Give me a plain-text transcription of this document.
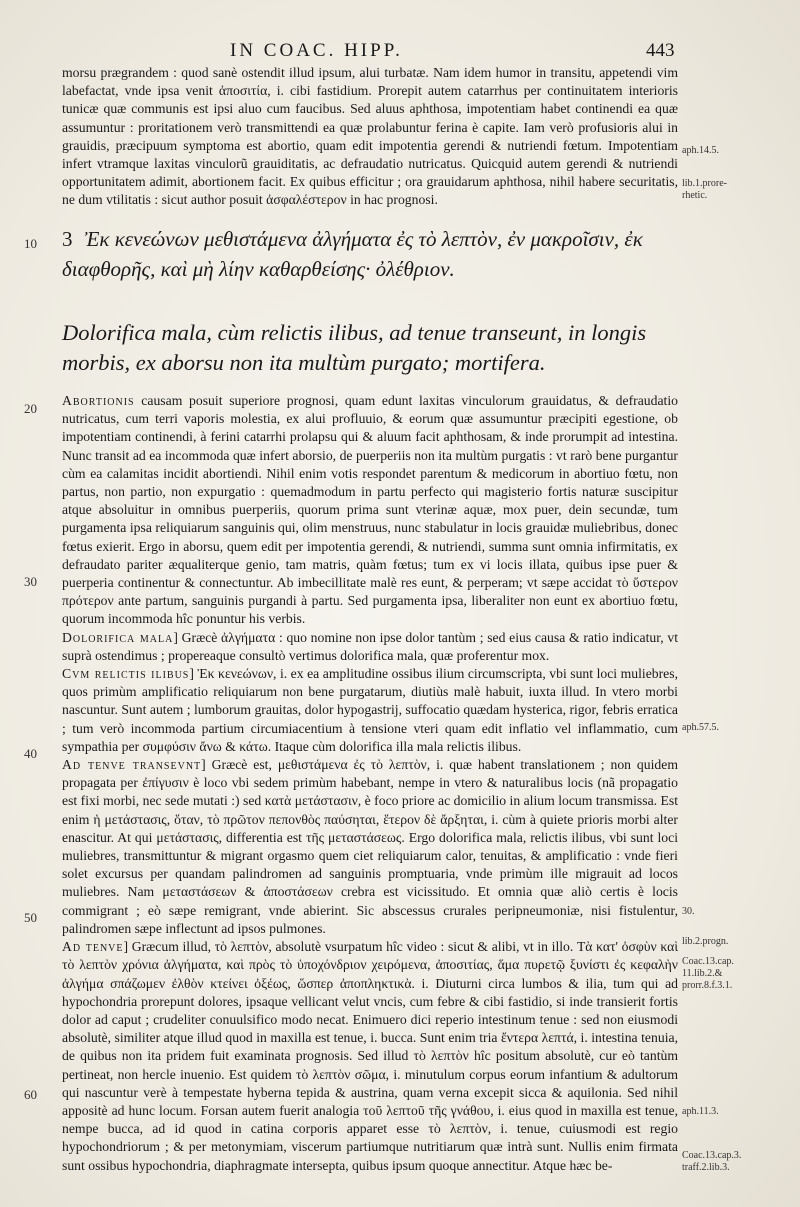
IN COAC. HIPP.	443

morsu prægrandem : quod sanè ostendit illud ipsum, alui turbatæ. Nam idem humor in transitu, appetendi vim labefactat, vnde ipsa venit ἀποσιτία, i. cibi fastidium. Prorepit autem catarrhus per continuitatem interioris tunicæ quæ communis est ipsi aluo cum faucibus. Sed aluus aphthosa, impotentiam habet continendi ea quæ assumuntur : proritationem verò transmittendi ea quæ prolabuntur ferina è capite. Iam verò profusioris alui in grauidis, præcipuum symptoma est abortio, quam edit impotentia gerendi & nutriendi fœtum. Impotentiam infert vtramque laxitas vinculorũ grauiditatis, ac defraudatio nutricatus. Quicquid autem gerendi & nutriendi opportunitatem adimit, abortionem facit. Ex quibus efficitur ; ora grauidarum aphthosa, nihil habere securitatis, ne dum vtilitatis : sicut author posuit ἀσφαλέστερον in hac prognosi.

10 3 Ἐκ κενεώνων μεθιστάμενα ἀλγήματα ἐς τὸ λεπτὸν, ἐν μακροῖσιν, ἐκ διαφθορῆς, καὶ μὴ λίην καθαρθείσης· ὀλέθριον.
Dolorifica mala, cùm relictis ilibus, ad tenue transeunt, in longis morbis, ex aborsu non ita multùm purgato; mortifera.
20
30
40
50
60

Abortionis causam posuit superiore prognosi, quam edunt laxitas vinculorum grauidatus, & defraudatio nutricatus, cum terri vaporis molestia, ex alui profluuio, & eorum quæ assumuntur præcipiti egestione, ob impotentiam continendi, à ferini catarrhi prolapsu qui & aluum facit aphthosam, & inde prorumpit ad intestina. Nunc transit ad ea incommoda quæ infert aborsio, de puerperiis non ita multùm purgatis : vt rarò bene purgantur cùm ea calamitas incidit abortiendi. Nihil enim votis respondet parentum & medicorum in abortiuo fœtu, non partus, non partio, non expurgatio : quemadmodum in partu perfecto qui magisterio fortis naturæ suscipitur atque absoluitur in omnibus puerperiis, quorum prima sunt vterinæ aquæ, mox puer, dein secundæ, tum purgamenta ipsa reliquiarum sanguinis qui, olim menstruus, nunc stabulatur in locis grauidæ muliebribus, donec fœtus exierit. Ergo in aborsu, quem edit per impotentia gerendi, & nutriendi, summa sunt omnia infirmitatis, ex defraudato pariter æqualiterque genio, tam matris, quàm fœtus; tum ex vi locis illata, quibus ipse puer & puerperia continentur & connectuntur. Ab imbecillitate malè res eunt, & perperam; vt sæpe accidat τὸ ὕστερον πρότερον ante partum, sanguinis purgandi à partu. Sed purgamenta ipsa, liberaliter non eunt ex abortiuo fœtu, quorum incommoda hîc ponuntur his verbis.

Dolorifica mala] Græcè ἀλγήματα : quo nomine non ipse dolor tantùm ; sed eius causa & ratio indicatur, vt suprà ostendimus ; propereaque consultò vertimus dolorifica mala, quæ proferentur mox.

Cvm relictis ilibus] Ἐκ κενεώνων, i. ex ea amplitudine ossibus ilium circumscripta, vbi sunt loci muliebres, quos primùm amplificatio reliquiarum non bene purgatarum, diutiùs malè habuit, iuxta illud. In vtero morbi nascuntur. Sunt autem ; lumborum grauitas, dolor hypogastrij, suffocatio quædam hysterica, rigor, febris erratica ; tum verò incommoda partium circumiacentium à tensione vteri quam edit inflatio vel inflammatio, cum sympathia per συμφύσιν ἄνω & κάτω. Itaque cùm dolorifica illa mala relictis ilibus.

Ad tenve transevnt] Græcè est, μεθιστάμενα ἐς τὸ λεπτὸν, i. quæ habent translationem ; non quidem propagata per ἐπίγυσιν è loco vbi sedem primùm habebant, nempe in vtero & naturalibus locis (nã propagatio est fixi morbi, nec sede mutati :) sed κατὰ μετάστασιν, è foco priore ac domicilio in alium locum transmissa. Est enim ἡ μετάστασις, ὅταν, τὸ πρῶτον πεπονθὸς παύσηται, ἕτερον δὲ ἄρξηται, i. cùm à quiete prioris morbi alter enascitur. At qui μετάστασις, differentia est τῆς μεταστάσεως. Ergo dolorifica mala, relictis ilibus, vbi sunt loci muliebres, transmittuntur & migrant orgasmo quem ciet reliquiarum calor, tenuitas, & amplificatio : vnde fieri solet excursus per quandam palindromen ad sanguinis promptuaria, vnde primùm ille migrauit ad locos muliebres. Nam μεταστάσεων & ἀποστάσεων crebra est vicissitudo. Et omnia quæ aliò certis è locis commigrant ; eò sæpe remigrant, vnde abierint. Sic abscessus crurales peripneumoniæ, nisi fistulentur, palindromen sæpe inflectunt ad ipsos pulmones.

Ad tenve] Græcum illud, τὸ λεπτὸν, absolutè vsurpatum hîc video : sicut & alibi, vt in illo. Τὰ κατ' ὀσφὺν καὶ τὸ λεπτὸν χρόνια ἀλγήματα, καὶ πρὸς τὸ ὑποχόνδριον χειρόμενα, ἀποσιτίας, ἅμα πυρετῷ ξυνίστι ἐς κεφαλὴν ἀλγήμα σπάζωμεν ἐλθὸν κτείνει ὀξέως, ὥσπερ ἀποπληκτικὰ. i. Diuturni circa lumbos & ilia, tum qui ad hypochondria prorepunt dolores, ipsaque vellicant velut vncis, cum febre & cibi fastidio, si inde transierit fortis dolor ad caput ; crudeliter conuulsifico modo necat. Enimuero dici reperio intestinum tenue : sed non eiusmodi absolutè, similiter atque illud quod in maxilla est tenue, i. bucca. Sunt enim tria ἔντερα λεπτά, i. intestina tenuia, de quibus non ita pridem fuit examinata prognosis. Sed illud τὸ λεπτὸν hîc positum absolutè, cur eò tantùm pertineat, non hercle inuenio. Est quidem τὸ λεπτὸν σῶμα, i. minutulum corpus eorum infantium & adultorum qui nascuntur verè à tempestate hyberna tepida & austrina, quam verna excepit sicca & aquilonia. Sed nihil appositè ad hunc locum. Forsan autem fuerit analogia τοῦ λεπτοῦ τῆς γνάθου, i. eius quod in maxilla est tenue, nempe bucca, ad id quod in catina corporis apparet esse τὸ λεπτὸν, i. tenue, cuiusmodi est regio hypochondriorum ; & per metonymiam, viscerum partiumque nutritiarum quæ intrà sunt. Nullis enim firmata sunt ossibus hypochondria, diaphragmate intersepta, quibus ipsum quoque annectitur. Atque hæc be-

aph.14.5.
lib.1.prore-
rhetic.
aph.57.5.
30.
lib.2.progn.
Coac.13.cap.
11.lib.2.&
prorr.8.f.3.1.
aph.11.3.
Coac.13.cap.3.
traff.2.lib.3.
